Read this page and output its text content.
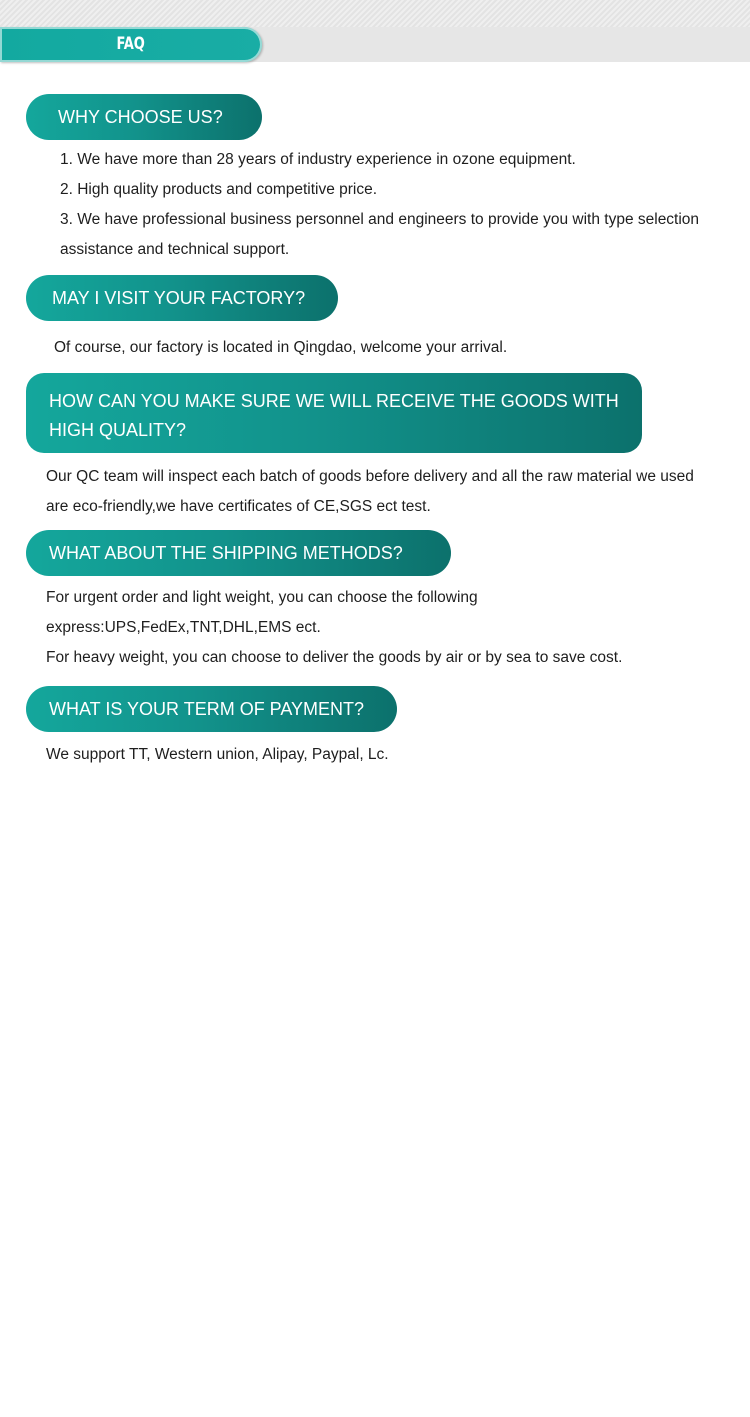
FAQ
WHY CHOOSE US?
1. We have more than 28 years of industry experience in ozone equipment.
2. High quality products and competitive price.
3. We have professional business personnel and engineers to provide you with type selection
assistance and technical support.
MAY I VISIT YOUR FACTORY?
Of course, our factory is located in Qingdao, welcome your arrival.
HOW CAN YOU MAKE SURE WE WILL RECEIVE THE GOODS WITH
HIGH QUALITY?
Our QC team will inspect each batch of goods before delivery and all the raw material we used
are eco-friendly,we have certificates of CE,SGS ect test.
WHAT ABOUT THE SHIPPING METHODS?
For urgent order and light weight, you can choose the following
express:UPS,FedEx,TNT,DHL,EMS ect.
For heavy weight, you can choose to deliver the goods by air or by sea to save cost.
WHAT IS YOUR TERM OF PAYMENT?
We support TT, Western union, Alipay, Paypal, Lc.
